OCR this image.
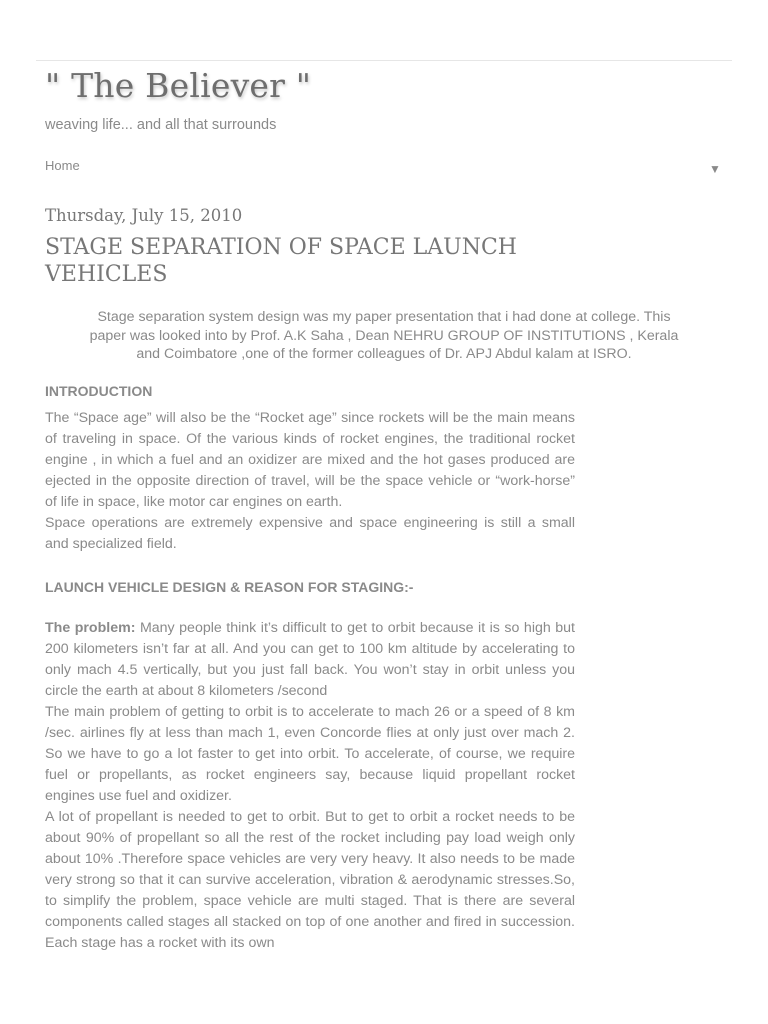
" The Believer "
weaving life... and all that surrounds
Home	▼
Thursday, July 15, 2010
STAGE SEPARATION OF SPACE LAUNCH VEHICLES

Stage separation system design was my paper presentation that i had done at college. This paper was looked into by Prof. A.K Saha , Dean NEHRU GROUP OF INSTITUTIONS , Kerala and Coimbatore ,one of the former colleagues of Dr. APJ Abdul kalam at ISRO.

INTRODUCTION

The “Space age” will also be the “Rocket age” since rockets will be the main means of traveling in space. Of the various kinds of rocket engines, the traditional rocket engine , in which a fuel and an oxidizer are mixed and the hot gases produced are ejected in the opposite direction of travel, will be the space vehicle or “work-horse” of life in space, like motor car engines on earth.

Space operations are extremely expensive and space engineering is still a small and specialized field.

LAUNCH VEHICLE DESIGN & REASON FOR STAGING:-

The problem: Many people think it’s difficult to get to orbit because it is so high but 200 kilometers isn’t far at all. And you can get to 100 km altitude by accelerating to only mach 4.5 vertically, but you just fall back. You won’t stay in orbit unless you circle the earth at about 8 kilometers /second

The main problem of getting to orbit is to accelerate to mach 26 or a speed of 8 km /sec. airlines fly at less than mach 1, even Concorde flies at only just over mach 2. So we have to go a lot faster to get into orbit. To accelerate, of course, we require fuel or propellants, as rocket engineers say, because liquid propellant rocket engines use fuel and oxidizer.

A lot of propellant is needed to get to orbit. But to get to orbit a rocket needs to be about 90% of propellant so all the rest of the rocket including pay load weigh only about 10% .Therefore space vehicles are very very heavy. It also needs to be made very strong so that it can survive acceleration, vibration & aerodynamic stresses.So, to simplify the problem, space vehicle are multi staged. That is there are several components called stages all stacked on top of one another and fired in succession. Each stage has a rocket with its own
